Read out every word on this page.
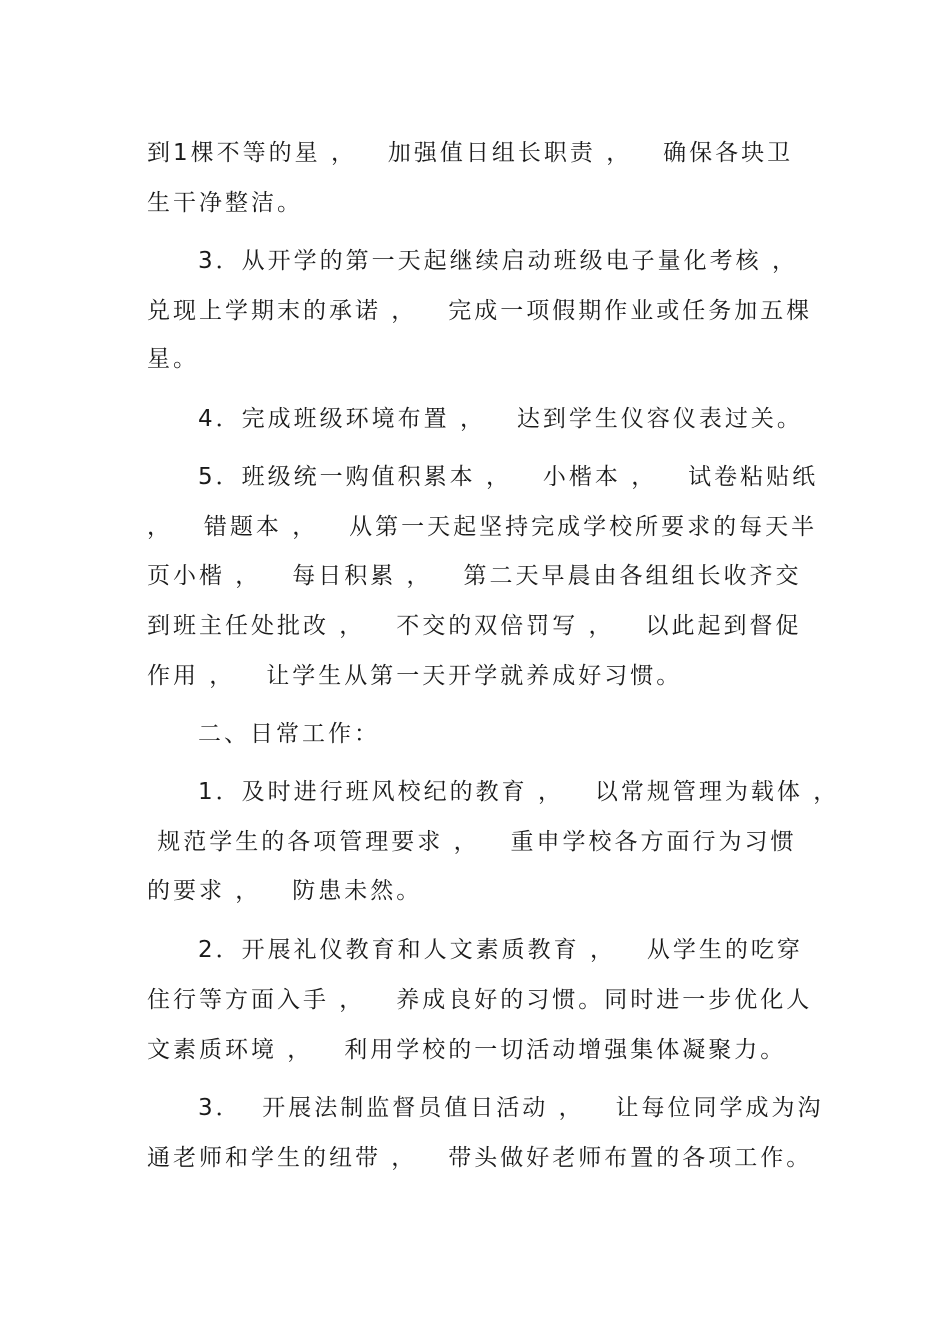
到1棵不等的星 ，   加强值日组长职责 ，   确保各块卫
生干净整洁。
3．从开学的第一天起继续启动班级电子量化考核 ，
兑现上学期末的承诺 ，   完成一项假期作业或任务加五棵
星。
4．完成班级环境布置 ，   达到学生仪容仪表过关。
5．班级统一购值积累本 ，   小楷本 ，   试卷粘贴纸
，   错题本 ，   从第一天起坚持完成学校所要求的每天半
页小楷 ，   每日积累 ，   第二天早晨由各组组长收齐交
到班主任处批改 ，   不交的双倍罚写 ，   以此起到督促
作用 ，   让学生从第一天开学就养成好习惯。
二、日常工作：
1．及时进行班风校纪的教育 ，   以常规管理为载体 ，
规范学生的各项管理要求 ，   重申学校各方面行为习惯
的要求 ，   防患未然。
2．开展礼仪教育和人文素质教育 ，   从学生的吃穿
住行等方面入手 ，   养成良好的习惯。同时进一步优化人
文素质环境 ，   利用学校的一切活动增强集体凝聚力。
3．  开展法制监督员值日活动 ，   让每位同学成为沟
通老师和学生的纽带 ，   带头做好老师布置的各项工作。
